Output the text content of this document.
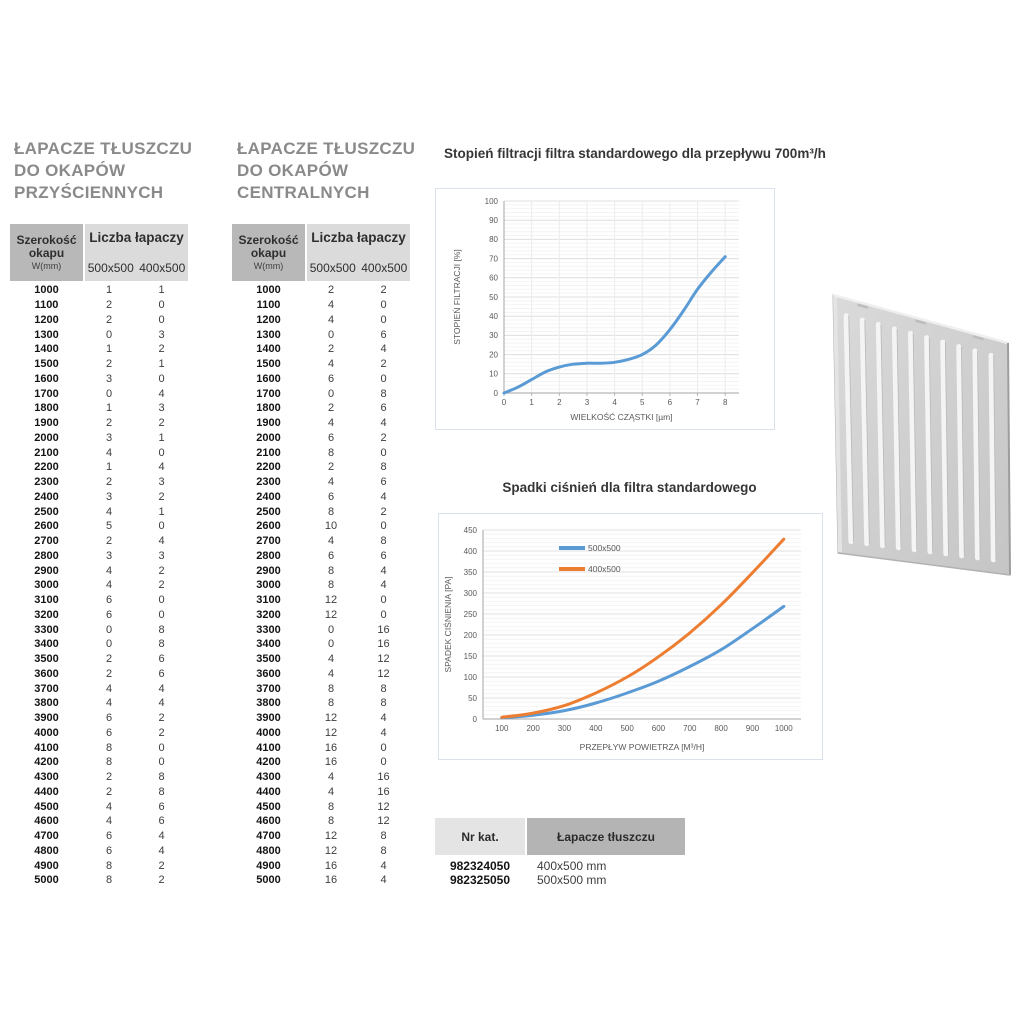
ŁAPACZE TŁUSZCZU
DO OKAPÓW
PRZYŚCIENNYCH
Szerokość
okapu
W(mm)
Liczba łapaczy
500x500 400x500
1000	1	1
1100	2	0
1200	2	0
1300	0	3
1400	1	2
1500	2	1
1600	3	0
1700	0	4
1800	1	3
1900	2	2
2000	3	1
2100	4	0
2200	1	4
2300	2	3
2400	3	2
2500	4	1
2600	5	0
2700	2	4
2800	3	3
2900	4	2
3000	4	2
3100	6	0
3200	6	0
3300	0	8
3400	0	8
3500	2	6
3600	2	6
3700	4	4
3800	4	4
3900	6	2
4000	6	2
4100	8	0
4200	8	0
4300	2	8
4400	2	8
4500	4	6
4600	4	6
4700	6	4
4800	6	4
4900	8	2
5000	8	2
ŁAPACZE TŁUSZCZU
DO OKAPÓW
CENTRALNYCH
Szerokość
okapu
W(mm)
Liczba łapaczy
500x500 400x500
1000	2	2
1100	4	0
1200	4	0
1300	0	6
1400	2	4
1500	4	2
1600	6	0
1700	0	8
1800	2	6
1900	4	4
2000	6	2
2100	8	0
2200	2	8
2300	4	6
2400	6	4
2500	8	2
2600	10	0
2700	4	8
2800	6	6
2900	8	4
3000	8	4
3100	12	0
3200	12	0
3300	0	16
3400	0	16
3500	4	12
3600	4	12
3700	8	8
3800	8	8
3900	12	4
4000	12	4
4100	16	0
4200	16	0
4300	4	16
4400	4	16
4500	8	12
4600	8	12
4700	12	8
4800	12	8
4900	16	4
5000	16	4
Stopień filtracji filtra standardowego dla przepływu 700m³/h
0
10
20
30
40
50
60
70
80
90
100
0	1	2	3	4	5	6	7	8
WIELKOŚĆ CZĄSTKI [µm]
STOPIEŃ FILTRACJI [%]
Spadki ciśnień dla filtra standardowego
0
50
100
150
200
250
300
350
400
450
100 200 300 400 500 600 700 800 900 1000
500x500
400x500
PRZEPŁYW POWIETRZA [M³/H]
SPADEK CIŚNIENIA [PA]
Nr kat.	Łapacze tłuszczu
982324050	400x500 mm
982325050	500x500 mm
